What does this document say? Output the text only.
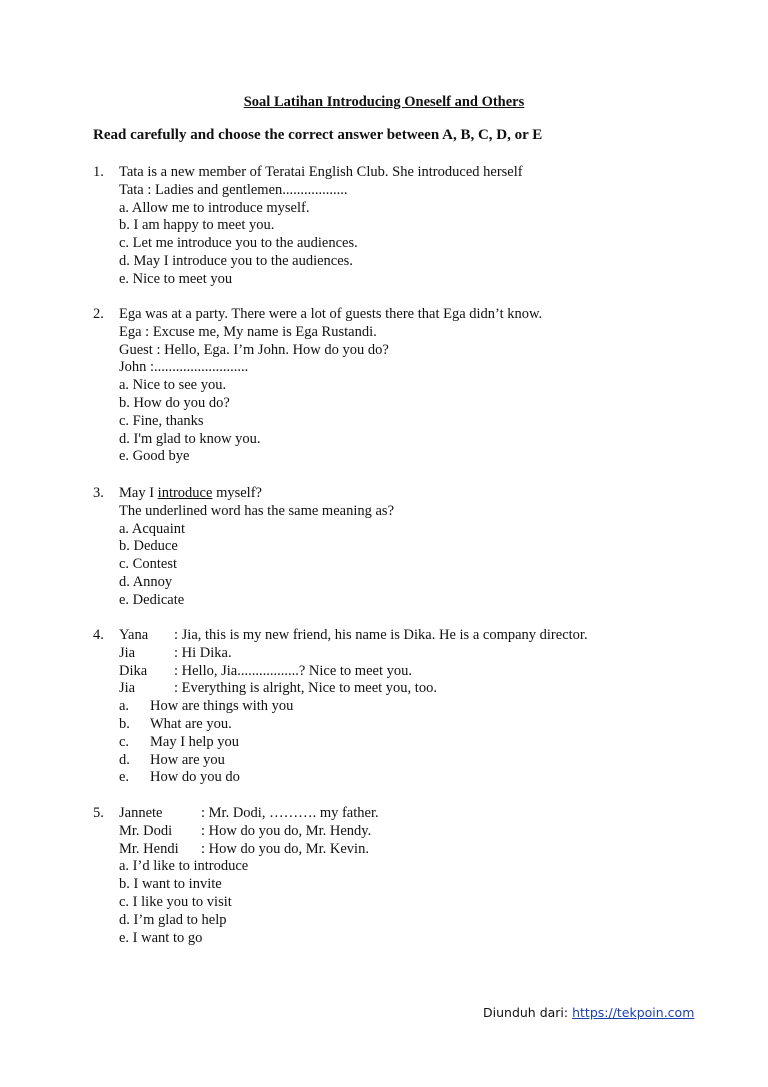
Soal Latihan Introducing Oneself and Others
Read carefully and choose the correct answer between A, B, C, D, or E
1. Tata is a new member of Teratai English Club. She introduced herself
Tata : Ladies and gentlemen..................
a. Allow me to introduce myself.
b. I am happy to meet you.
c. Let me introduce you to the audiences.
d. May I introduce you to the audiences.
e. Nice to meet you
2. Ega was at a party. There were a lot of guests there that Ega didn’t know.
Ega : Excuse me, My name is Ega Rustandi.
Guest : Hello, Ega. I’m John. How do you do?
John :..........................
a. Nice to see you.
b. How do you do?
c. Fine, thanks
d. I'm glad to know you.
e. Good bye
3. May I introduce myself?
The underlined word has the same meaning as?
a. Acquaint
b. Deduce
c. Contest
d. Annoy
e. Dedicate
4. Yana : Jia, this is my new friend, his name is Dika. He is a company director.
Jia	: Hi Dika.
Dika : Hello, Jia.................? Nice to meet you.
Jia	: Everything is alright, Nice to meet you, too.
a. How are things with you
b. What are you.
c. May I help you
d. How are you
e. How do you do
5. Jannete	: Mr. Dodi, ………. my father.
Mr. Dodi : How do you do, Mr. Hendy.
Mr. Hendi : How do you do, Mr. Kevin.
a. I’d like to introduce
b. I want to invite
c. I like you to visit
d. I’m glad to help
e. I want to go
Diunduh dari: https://tekpoin.com
